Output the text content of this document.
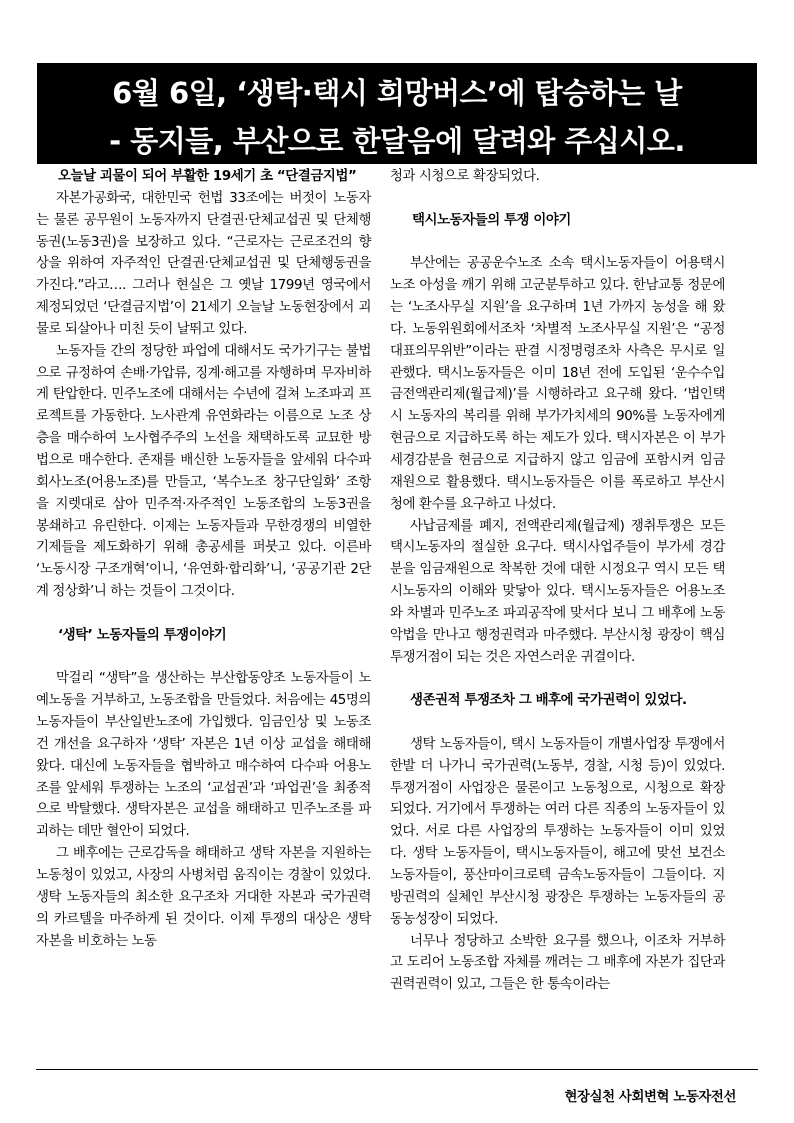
6월 6일, ‘생탁·택시 희망버스’에 탑승하는 날
- 동지들, 부산으로 한달음에 달려와 주십시오.

오늘날 괴물이 되어 부활한 19세기 초 “단결금지법”

자본가공화국, 대한민국 헌법 33조에는 버젓이 노동자는 물론 공무원이 노동자까지 단결권·단체교섭권 및 단체행동권(노동3권)을 보장하고 있다. “근로자는 근로조건의 향상을 위하여 자주적인 단결권·단체교섭권 및 단체행동권을 가진다.”라고…. 그러나 현실은 그 옛날 1799년 영국에서 제정되었던 ‘단결금지법’이 21세기 오늘날 노동현장에서 괴물로 되살아나 미친 듯이 날뛰고 있다.

노동자들 간의 정당한 파업에 대해서도 국가기구는 불법으로 규정하여 손배·가압류, 징계·해고를 자행하며 무자비하게 탄압한다. 민주노조에 대해서는 수년에 걸쳐 노조파괴 프로젝트를 가동한다. 노사관계 유연화라는 이름으로 노조 상층을 매수하여 노사협주주의 노선을 채택하도록 교묘한 방법으로 매수한다. 존재를 배신한 노동자들을 앞세워 다수파 회사노조(어용노조)를 만들고, ‘복수노조 창구단일화’ 조항을 지렛대로 삼아 민주적·자주적인 노동조합의 노동3권을 봉쇄하고 유린한다. 이제는 노동자들과 무한경쟁의 비열한 기제들을 제도화하기 위해 총공세를 퍼붓고 있다. 이른바 ‘노동시장 구조개혁’이니, ‘유연화·합리화’니, ‘공공기관 2단계 정상화’니 하는 것들이 그것이다.

‘생탁’ 노동자들의 투쟁이야기

막걸리 “생탁”을 생산하는 부산합동양조 노동자들이 노예노동을 거부하고, 노동조합을 만들었다. 처음에는 45명의 노동자들이 부산일반노조에 가입했다. 임금인상 및 노동조건 개선을 요구하자 ‘생탁’ 자본은 1년 이상 교섭을 해태해 왔다. 대신에 노동자들을 협박하고 매수하여 다수파 어용노조를 앞세워 투쟁하는 노조의 ‘교섭권’과 ‘파업권’을 최종적으로 박탈했다. 생탁자본은 교섭을 해태하고 민주노조를 파괴하는 데만 혈안이 되었다.

그 배후에는 근로감독을 해태하고 생탁 자본을 지원하는 노동청이 있었고, 사장의 사병처럼 움직이는 경찰이 있었다. 생탁 노동자들의 최소한 요구조차 거대한 자본과 국가권력의 카르텔을 마주하게 된 것이다. 이제 투쟁의 대상은 생탁자본을 비호하는 노동

청과 시청으로 확장되었다.

택시노동자들의 투쟁 이야기

부산에는 공공운수노조 소속 택시노동자들이 어용택시노조 아성을 깨기 위해 고군분투하고 있다. 한남교통 정문에는 ‘노조사무실 지원’을 요구하며 1년 가까지 농성을 해 왔다. 노동위원회에서조차 ‘차별적 노조사무실 지원’은 “공정대표의무위반”이라는 판결 시정명령조차 사측은 무시로 일관했다. 택시노동자들은 이미 18년 전에 도입된 ‘운수수입금전액관리제(월급제)’를 시행하라고 요구해 왔다. ‘법인택시 노동자의 복리를 위해 부가가치세의 90%를 노동자에게 현금으로 지급하도록 하는 제도가 있다. 택시자본은 이 부가세경감분을 현금으로 지급하지 않고 임금에 포함시켜 임금 재원으로 활용했다. 택시노동자들은 이를 폭로하고 부산시청에 환수를 요구하고 나섰다.

사납금제를 폐지, 전액관리제(월급제) 쟁취투쟁은 모든 택시노동자의 절실한 요구다. 택시사업주들이 부가세 경감분을 임금재원으로 착복한 것에 대한 시정요구 역시 모든 택시노동자의 이해와 맞닿아 있다. 택시노동자들은 어용노조와 차별과 민주노조 파괴공작에 맞서다 보니 그 배후에 노동악법을 만나고 행정권력과 마주했다. 부산시청 광장이 핵심 투쟁거점이 되는 것은 자연스러운 귀결이다.

생존권적 투쟁조차 그 배후에 국가권력이 있었다.

생탁 노동자들이, 택시 노동자들이 개별사업장 투쟁에서 한발 더 나가니 국가권력(노동부, 경찰, 시청 등)이 있었다. 투쟁거점이 사업장은 물론이고 노동청으로, 시청으로 확장되었다. 거기에서 투쟁하는 여러 다른 직종의 노동자들이 있었다. 서로 다른 사업장의 투쟁하는 노동자들이 이미 있었다. 생탁 노동자들이, 택시노동자들이, 해고에 맞선 보건소 노동자들이, 풍산마이크로텍 금속노동자들이 그들이다. 지방권력의 실체인 부산시청 광장은 투쟁하는 노동자들의 공동농성장이 되었다.

너무나 정당하고 소박한 요구를 했으나, 이조차 거부하고 도리어 노동조합 자체를 깨려는 그 배후에 자본가 집단과 권력권력이 있고, 그들은 한 통속이라는

현장실천 사회변혁 노동자전선
